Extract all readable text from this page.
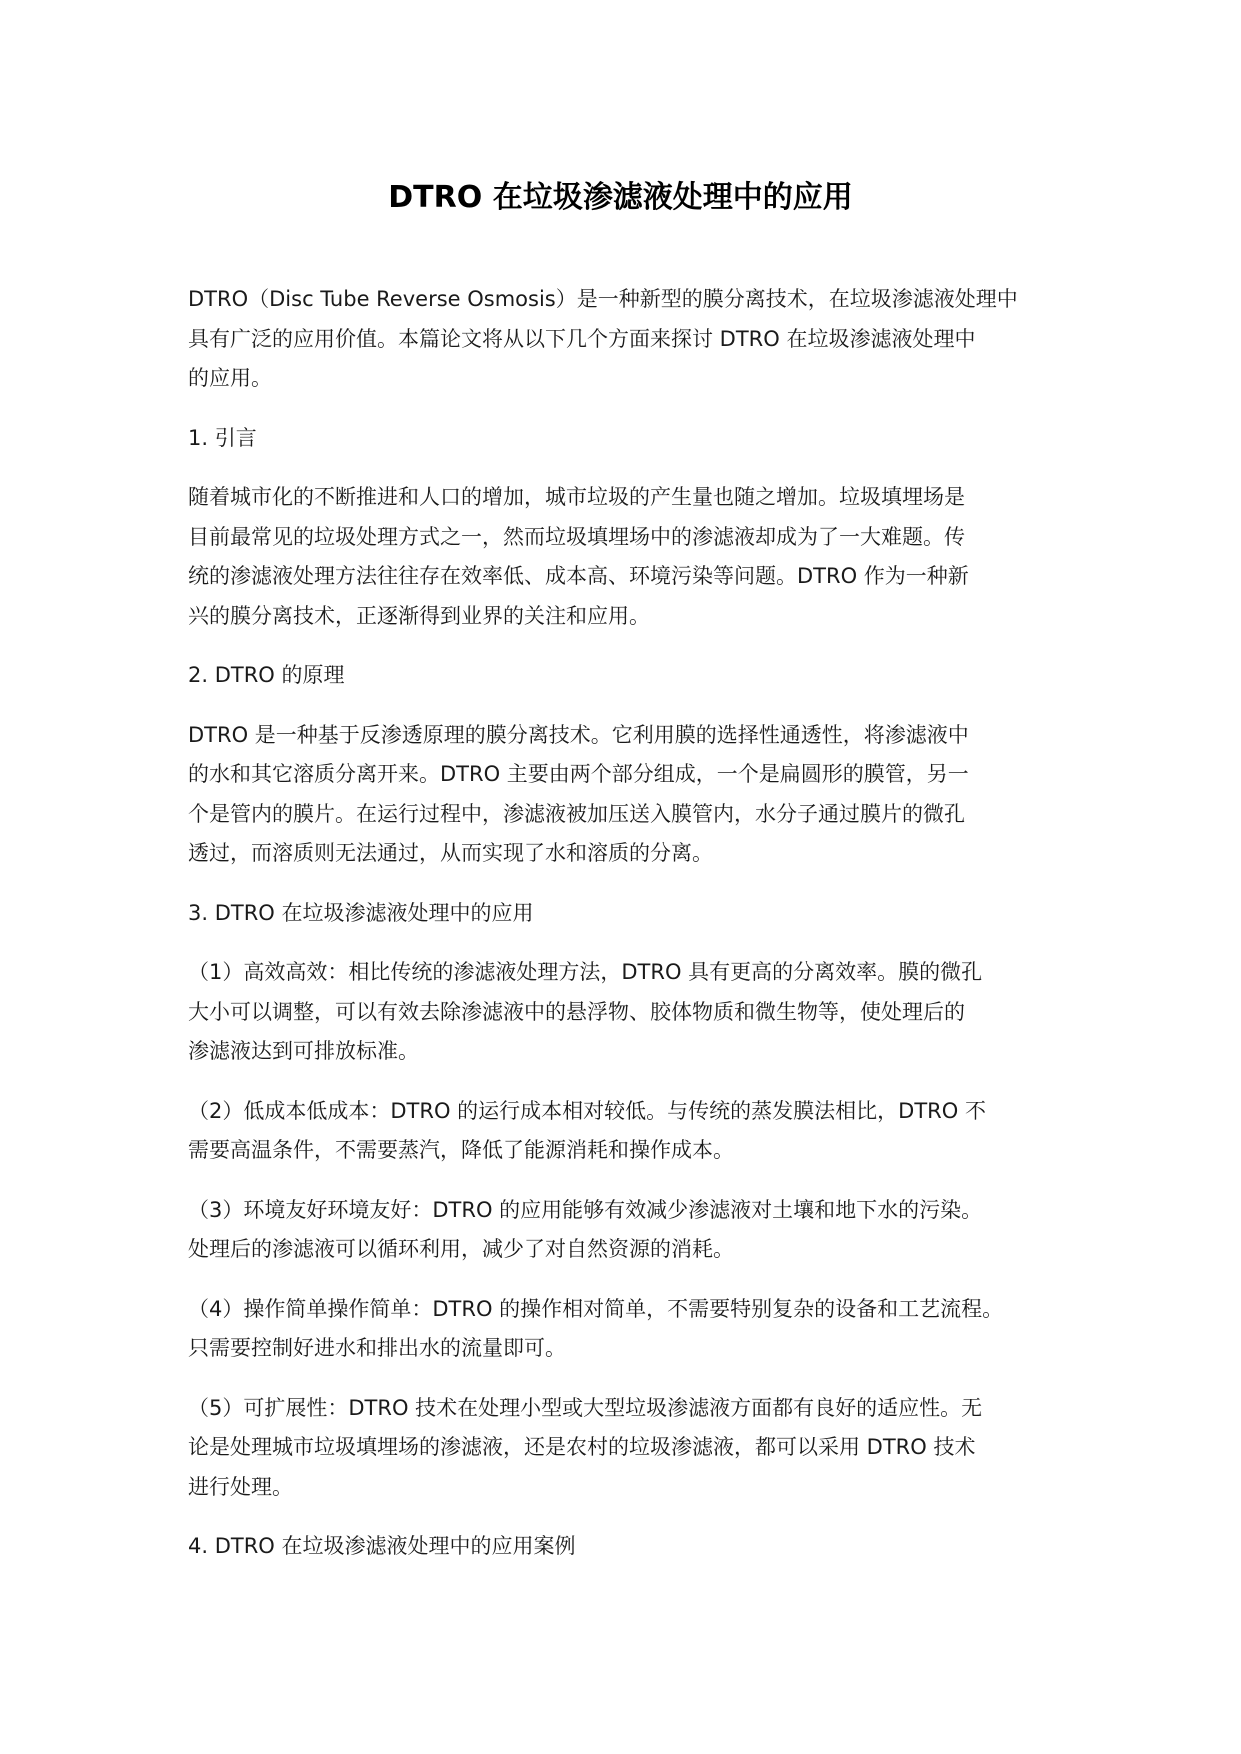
DTRO 在垃圾渗滤液处理中的应用

DTRO（Disc Tube Reverse Osmosis）是一种新型的膜分离技术，在垃圾渗滤液处理中
具有广泛的应用价值。本篇论文将从以下几个方面来探讨 DTRO 在垃圾渗滤液处理中
的应用。

1. 引言

随着城市化的不断推进和人口的增加，城市垃圾的产生量也随之增加。垃圾填埋场是
目前最常见的垃圾处理方式之一，然而垃圾填埋场中的渗滤液却成为了一大难题。传
统的渗滤液处理方法往往存在效率低、成本高、环境污染等问题。DTRO 作为一种新
兴的膜分离技术，正逐渐得到业界的关注和应用。

2. DTRO 的原理

DTRO 是一种基于反渗透原理的膜分离技术。它利用膜的选择性通透性，将渗滤液中
的水和其它溶质分离开来。DTRO 主要由两个部分组成，一个是扁圆形的膜管，另一
个是管内的膜片。在运行过程中，渗滤液被加压送入膜管内，水分子通过膜片的微孔
透过，而溶质则无法通过，从而实现了水和溶质的分离。

3. DTRO 在垃圾渗滤液处理中的应用

（1）高效高效：相比传统的渗滤液处理方法，DTRO 具有更高的分离效率。膜的微孔
大小可以调整，可以有效去除渗滤液中的悬浮物、胶体物质和微生物等，使处理后的
渗滤液达到可排放标准。

（2）低成本低成本：DTRO 的运行成本相对较低。与传统的蒸发膜法相比，DTRO 不
需要高温条件，不需要蒸汽，降低了能源消耗和操作成本。

（3）环境友好环境友好：DTRO 的应用能够有效减少渗滤液对土壤和地下水的污染。
处理后的渗滤液可以循环利用，减少了对自然资源的消耗。

（4）操作简单操作简单：DTRO 的操作相对简单，不需要特别复杂的设备和工艺流程。
只需要控制好进水和排出水的流量即可。

（5）可扩展性：DTRO 技术在处理小型或大型垃圾渗滤液方面都有良好的适应性。无
论是处理城市垃圾填埋场的渗滤液，还是农村的垃圾渗滤液，都可以采用 DTRO 技术
进行处理。

4. DTRO 在垃圾渗滤液处理中的应用案例
